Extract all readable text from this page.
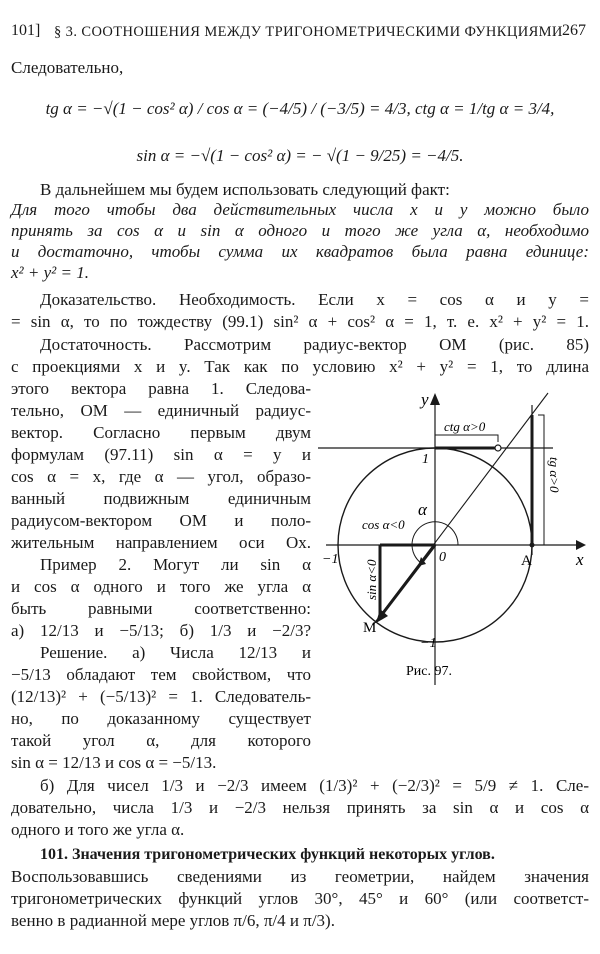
101] § 3. СООТНОШЕНИЯ МЕЖДУ ТРИГОНОМЕТРИЧЕСКИМИ ФУНКЦИЯМИ 267
Следовательно,
tg α = −√(1 − cos² α) / cos α = (−4/5) / (−3/5) = 4/3, ctg α = 1/tg α = 3/4,
sin α = −√(1 − cos² α) = − √(1 − 9/25) = −4/5.
В дальнейшем мы будем использовать следующий факт:
Для того чтобы два действительных числа x и y можно было
принять за cos α и sin α одного и того же угла α, необходимо
и достаточно, чтобы сумма их квадратов была равна единице:
x² + y² = 1.
Доказательство. Необходимость. Если x = cos α и y =
= sin α, то по тождеству (99.1) sin² α + cos² α = 1, т. е. x² + y² = 1.
Достаточность. Рассмотрим радиус-вектор OM (рис. 85)
с проекциями x и y. Так как по условию x² + y² = 1, то длина
этого вектора равна 1. Следова-
тельно, OM — единичный радиус-
вектор. Согласно первым двум
формулам (97.11) sin α = y и
cos α = x, где α — угол, образо-
ванный подвижным единичным
радиусом-вектором OM и поло-
жительным направлением оси Ox.
Пример 2. Могут ли sin α
и cos α одного и того же угла α
быть равными соответственно:
а) 12/13 и −5/13; б) 1/3 и −2/3?
Решение. а) Числа 12/13 и
−5/13 обладают тем свойством, что
(12/13)² + (−5/13)² = 1. Следователь-
но, по доказанному существует
такой угол α, для которого
sin α = 12/13 и cos α = −5/13.
y
x
1
−1	0	A
M
−1
α
ctg α>0
tg α>0
cos α<0
sin α<0
Рис. 97.
б) Для чисел 1/3 и −2/3 имеем (1/3)² + (−2/3)² = 5/9 ≠ 1. Сле-
довательно, числа 1/3 и −2/3 нельзя принять за sin α и cos α
одного и того же угла α.
101. Значения тригонометрических функций некоторых углов.
Воспользовавшись сведениями из геометрии, найдем значения
тригонометрических функций углов 30°, 45° и 60° (или соответст-
венно в радианной мере углов π/6, π/4 и π/3).
